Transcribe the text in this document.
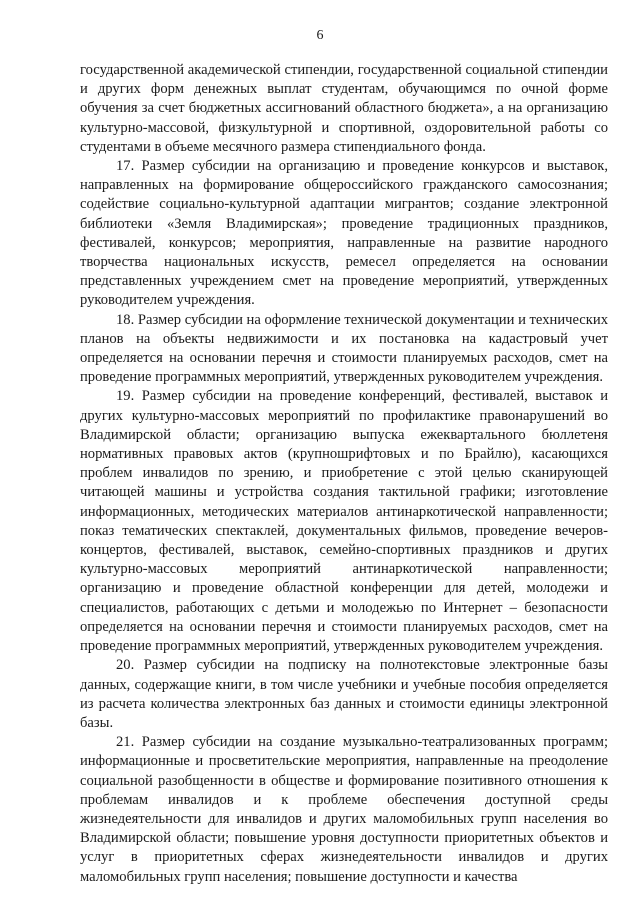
6

государственной академической стипендии, государственной социальной стипендии и других форм денежных выплат студентам, обучающимся по очной форме обучения за счет бюджетных ассигнований областного бюджета», а на организацию культурно-массовой, физкультурной и спортивной, оздоровительной работы со студентами в объеме месячного размера стипендиального фонда.

17. Размер субсидии на организацию и проведение конкурсов и выставок, направленных на формирование общероссийского гражданского самосознания; содействие социально-культурной адаптации мигрантов; создание электронной библиотеки «Земля Владимирская»; проведение традиционных праздников, фестивалей, конкурсов; мероприятия, направленные на развитие народного творчества национальных искусств, ремесел определяется на основании представленных учреждением смет на проведение мероприятий, утвержденных руководителем учреждения.

18. Размер субсидии на оформление технической документации и технических планов на объекты недвижимости и их постановка на кадастровый учет определяется на основании перечня и стоимости планируемых расходов, смет на проведение программных мероприятий, утвержденных руководителем учреждения.

19. Размер субсидии на проведение конференций, фестивалей, выставок и других культурно-массовых мероприятий по профилактике правонарушений во Владимирской области; организацию выпуска ежеквартального бюллетеня нормативных правовых актов (крупношрифтовых и по Брайлю), касающихся проблем инвалидов по зрению, и приобретение с этой целью сканирующей читающей машины и устройства создания тактильной графики; изготовление информационных, методических материалов антинаркотической направленности; показ тематических спектаклей, документальных фильмов, проведение вечеров-концертов, фестивалей, выставок, семейно-спортивных праздников и других культурно-массовых мероприятий антинаркотической направленности; организацию и проведение областной конференции для детей, молодежи и специалистов, работающих с детьми и молодежью по Интернет – безопасности определяется на основании перечня и стоимости планируемых расходов, смет на проведение программных мероприятий, утвержденных руководителем учреждения.

20. Размер субсидии на подписку на полнотекстовые электронные базы данных, содержащие книги, в том числе учебники и учебные пособия определяется из расчета количества электронных баз данных и стоимости единицы электронной базы.

21. Размер субсидии на создание музыкально-театрализованных программ; информационные и просветительские мероприятия, направленные на преодоление социальной разобщенности в обществе и формирование позитивного отношения к проблемам инвалидов и к проблеме обеспечения доступной среды жизнедеятельности для инвалидов и других маломобильных групп населения во Владимирской области; повышение уровня доступности приоритетных объектов и услуг в приоритетных сферах жизнедеятельности инвалидов и других маломобильных групп населения; повышение доступности и качества
